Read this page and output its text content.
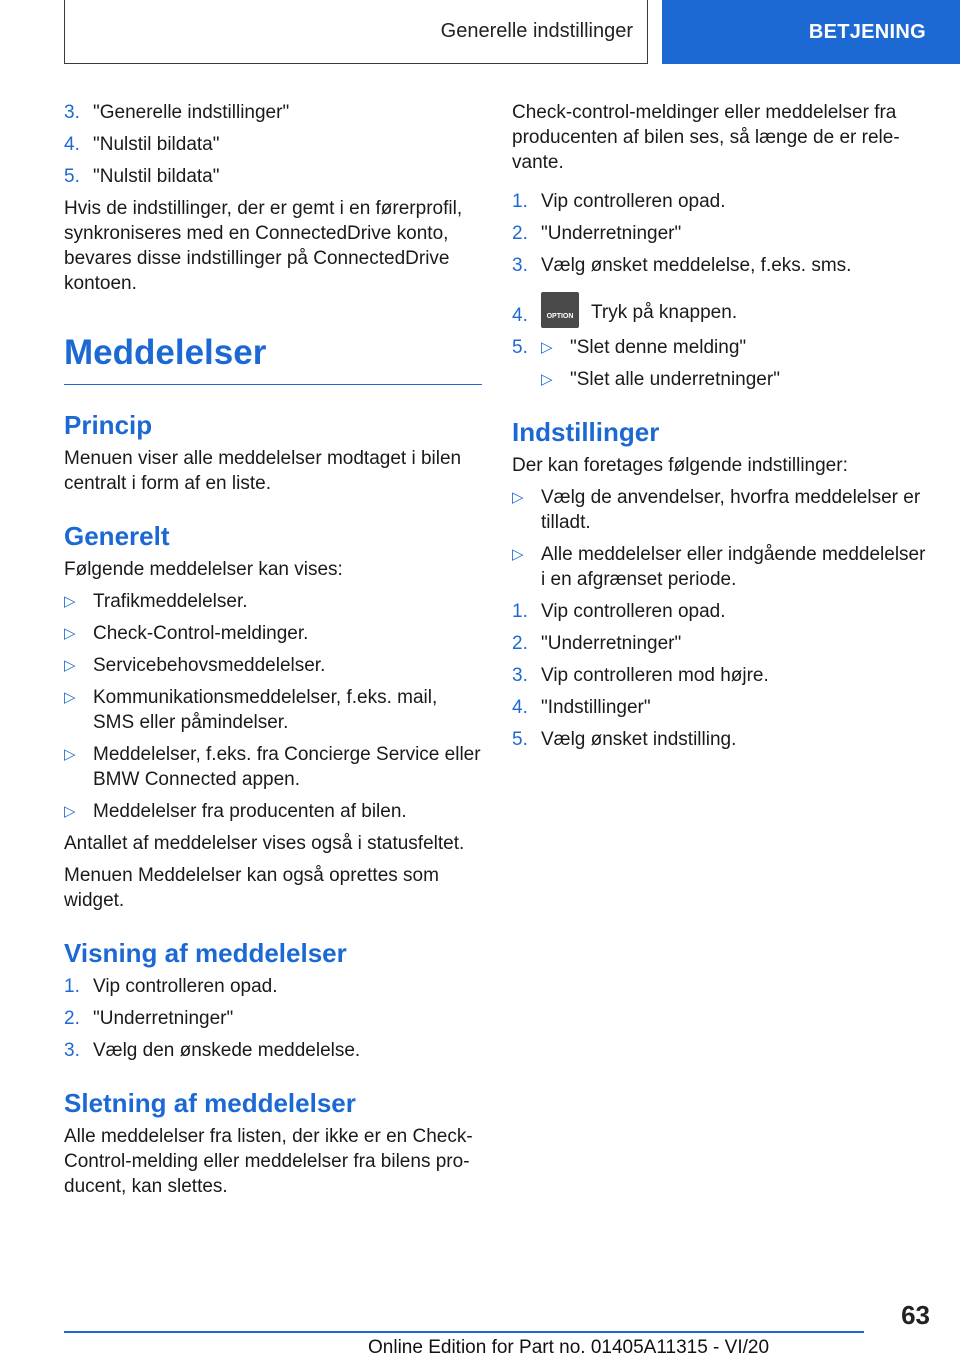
Generelle indstillinger	BETJENING
3. "Generelle indstillinger"
4. "Nulstil bildata"
5. "Nulstil bildata"

Hvis de indstillinger, der er gemt i en førerprofil, synkroniseres med en ConnectedDrive konto, bevares disse indstillinger på ConnectedDrive kontoen.

Meddelelser
Princip

Menuen viser alle meddelelser modtaget i bilen centralt i form af en liste.

Generelt

Følgende meddelelser kan vises:

▷ Trafikmeddelelser.
▷ Check-Control-meldinger.
▷ Servicebehovsmeddelelser.
▷ Kommunikationsmeddelelser, f.eks. mail, SMS eller påmindelser.
▷ Meddelelser, f.eks. fra Concierge Service eller BMW Connected appen.
▷ Meddelelser fra producenten af bilen.

Antallet af meddelelser vises også i statusfeltet.

Menuen Meddelelser kan også oprettes som widget.

Visning af meddelelser
1. Vip controlleren opad.
2. "Underretninger"
3. Vælg den ønskede meddelelse.
Sletning af meddelelser

Alle meddelelser fra listen, der ikke er en Check-Control-melding eller meddelelser fra bilens producent, kan slettes.

Check-control-meldinger eller meddelelser fra producenten af bilen ses, så længe de er relevante.

1. Vip controlleren opad.
2. "Underretninger"
3. Vælg ønsket meddelelse, f.eks. sms.
4.	OPTION Tryk på knappen.
5. ▷ "Slet denne melding"
▷ "Slet alle underretninger"
Indstillinger

Der kan foretages følgende indstillinger:

▷ Vælg de anvendelser, hvorfra meddelelser er tilladt.
▷ Alle meddelelser eller indgående meddelelser i en afgrænset periode.
1. Vip controlleren opad.
2. "Underretninger"
3. Vip controlleren mod højre.
4. "Indstillinger"
5. Vælg ønsket indstilling.
63
Online Edition for Part no. 01405A11315 - VI/20
